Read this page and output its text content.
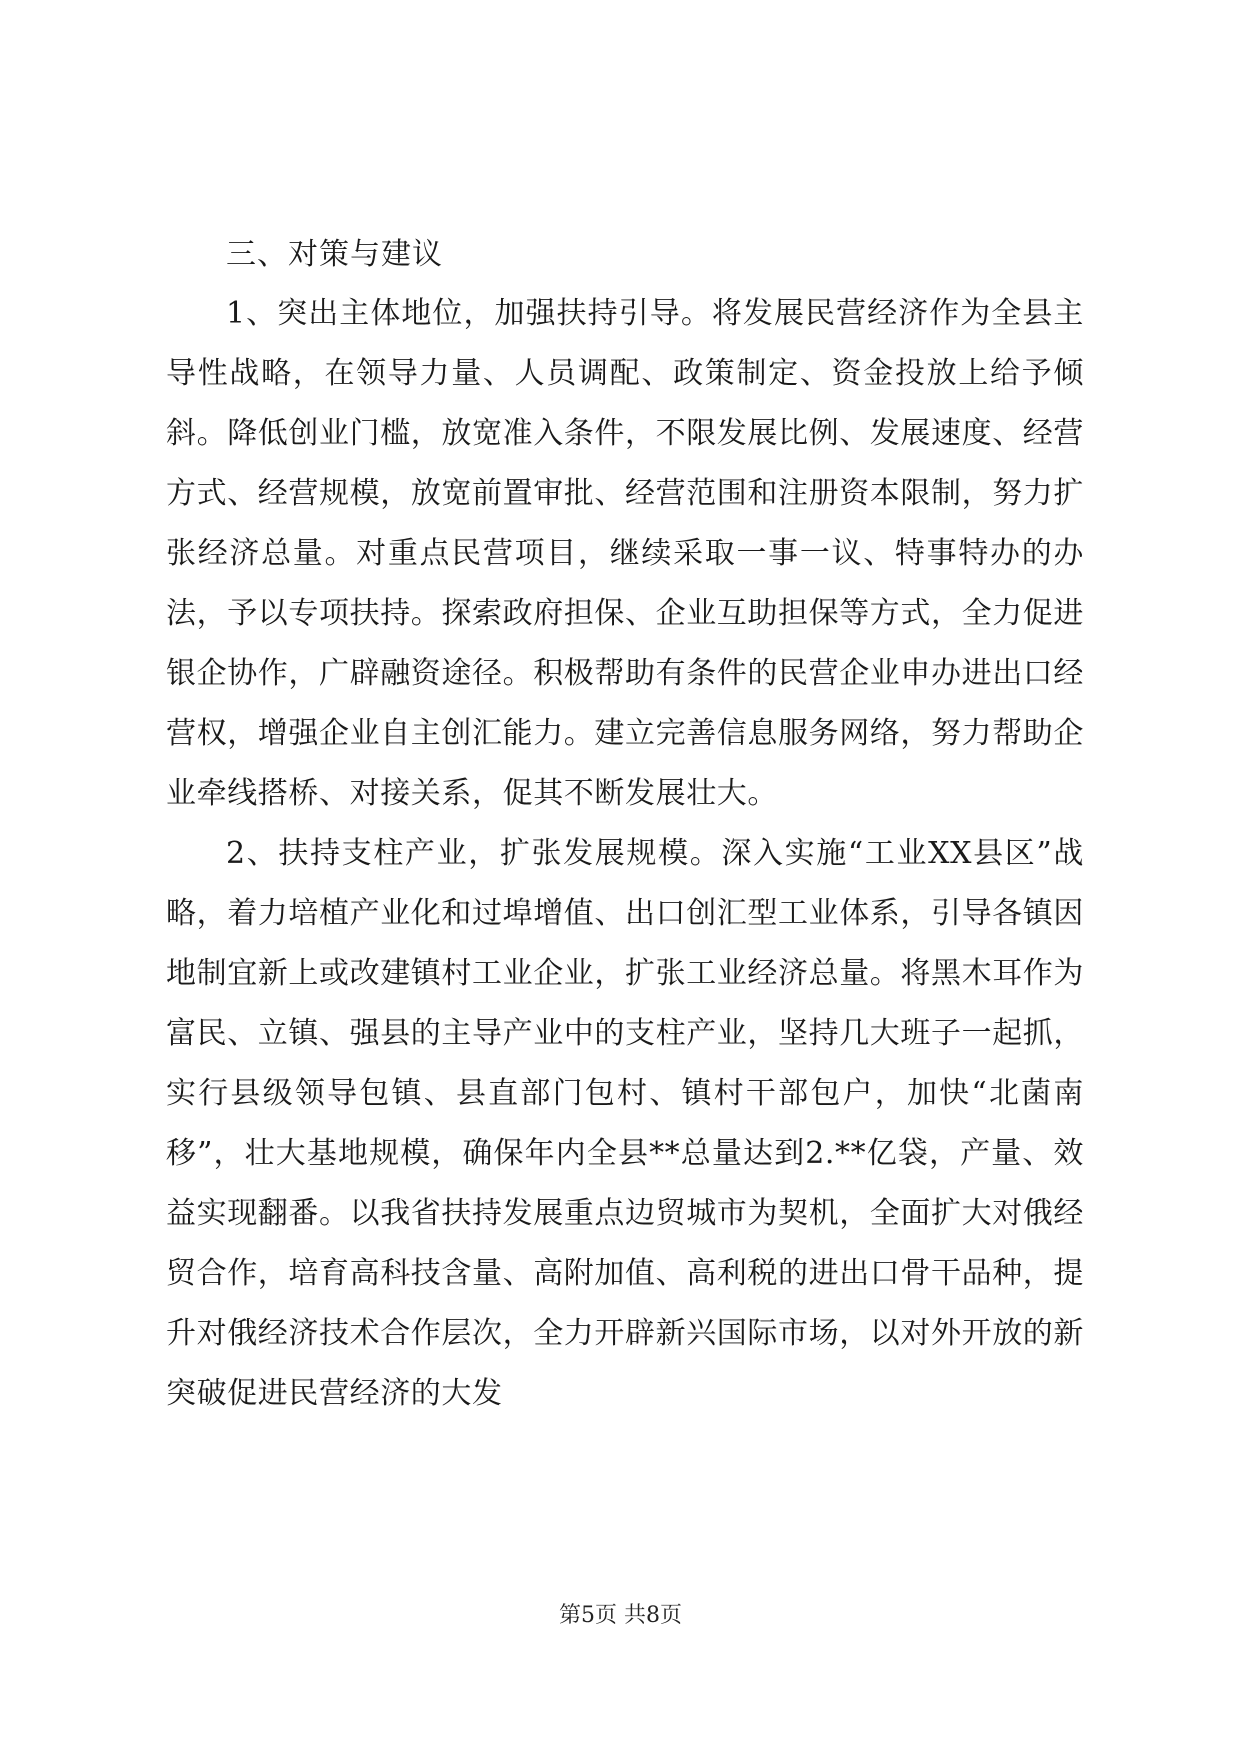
三、对策与建议

1、突出主体地位，加强扶持引导。将发展民营经济作为全县主导性战略，在领导力量、人员调配、政策制定、资金投放上给予倾斜。降低创业门槛，放宽准入条件，不限发展比例、发展速度、经营方式、经营规模，放宽前置审批、经营范围和注册资本限制，努力扩张经济总量。对重点民营项目，继续采取一事一议、特事特办的办法，予以专项扶持。探索政府担保、企业互助担保等方式，全力促进银企协作，广辟融资途径。积极帮助有条件的民营企业申办进出口经营权，增强企业自主创汇能力。建立完善信息服务网络，努力帮助企业牵线搭桥、对接关系，促其不断发展壮大。

2、扶持支柱产业，扩张发展规模。深入实施“工业XX县区”战略，着力培植产业化和过埠增值、出口创汇型工业体系，引导各镇因地制宜新上或改建镇村工业企业，扩张工业经济总量。将黑木耳作为富民、立镇、强县的主导产业中的支柱产业，坚持几大班子一起抓，实行县级领导包镇、县直部门包村、镇村干部包户，加快“北菌南移”，壮大基地规模，确保年内全县**总量达到2.**亿袋，产量、效益实现翻番。以我省扶持发展重点边贸城市为契机，全面扩大对俄经贸合作，培育高科技含量、高附加值、高利税的进出口骨干品种，提升对俄经济技术合作层次，全力开辟新兴国际市场，以对外开放的新突破促进民营经济的大发

第5页 共8页
